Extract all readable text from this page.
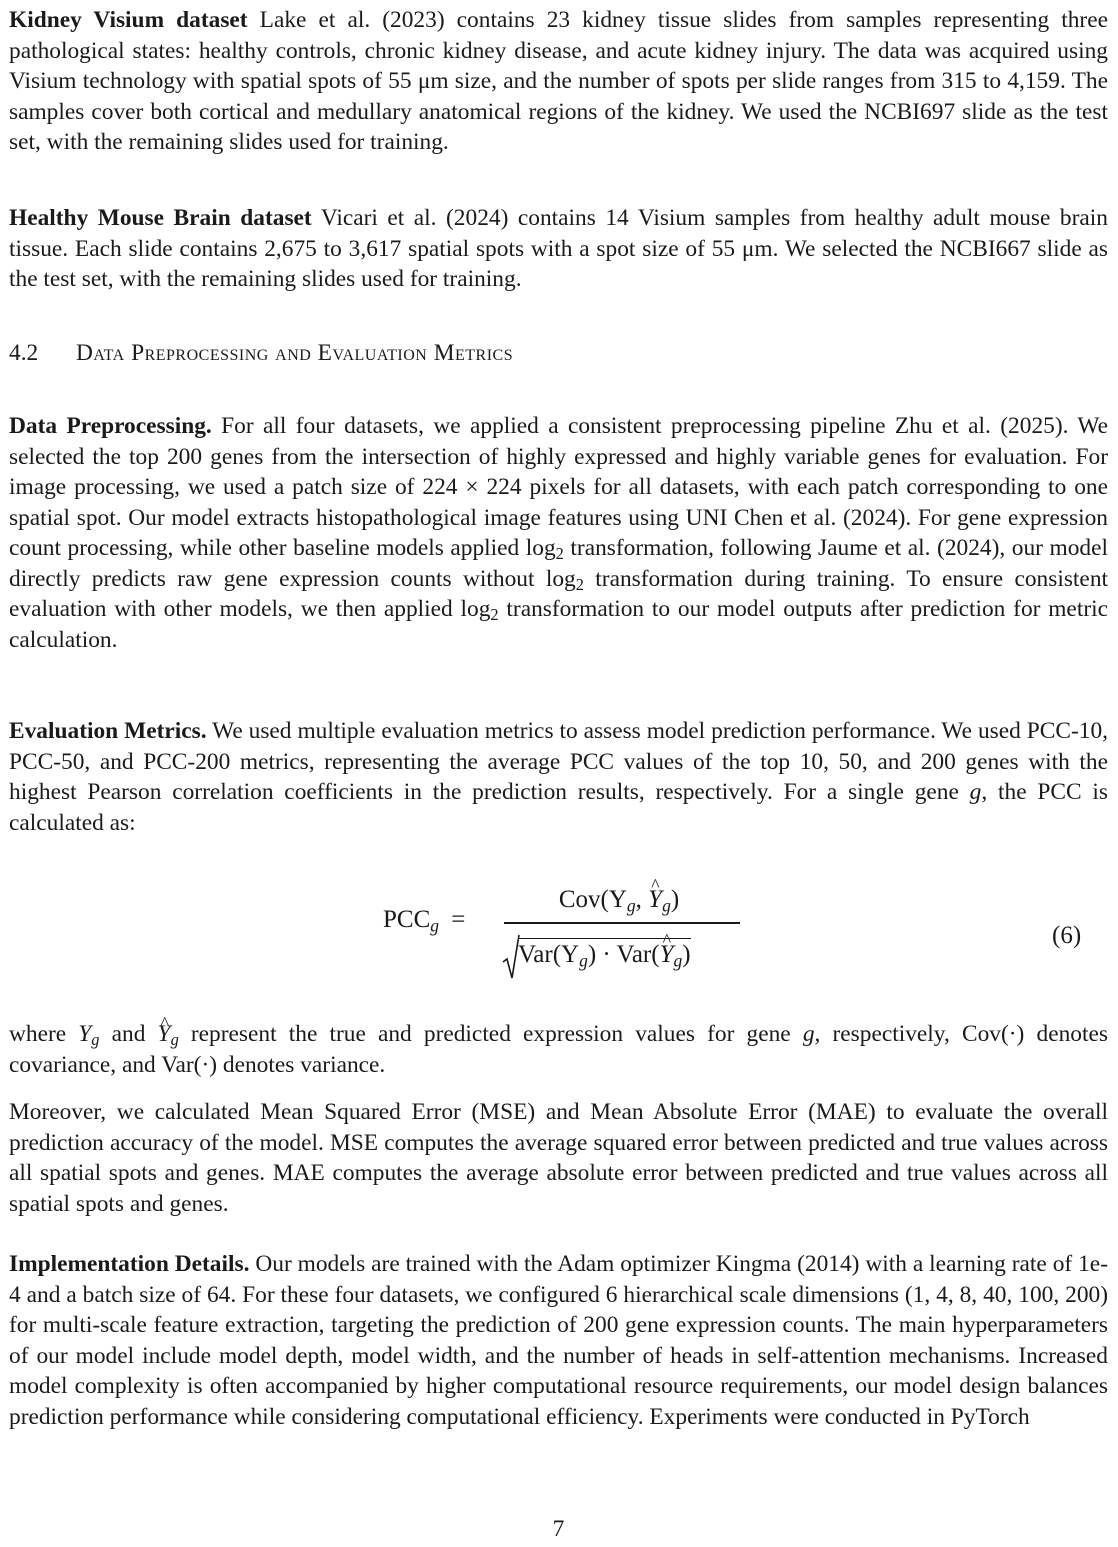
Kidney Visium dataset Lake et al. (2023) contains 23 kidney tissue slides from samples representing three pathological states: healthy controls, chronic kidney disease, and acute kidney injury. The data was acquired using Visium technology with spatial spots of 55 μm size, and the number of spots per slide ranges from 315 to 4,159. The samples cover both cortical and medullary anatomical regions of the kidney. We used the NCBI697 slide as the test set, with the remaining slides used for training.

Healthy Mouse Brain dataset Vicari et al. (2024) contains 14 Visium samples from healthy adult mouse brain tissue. Each slide contains 2,675 to 3,617 spatial spots with a spot size of 55 μm. We selected the NCBI667 slide as the test set, with the remaining slides used for training.

4.2 Data Preprocessing and Evaluation Metrics

Data Preprocessing. For all four datasets, we applied a consistent preprocessing pipeline Zhu et al. (2025). We selected the top 200 genes from the intersection of highly expressed and highly variable genes for evaluation. For image processing, we used a patch size of 224 × 224 pixels for all datasets, with each patch corresponding to one spatial spot. Our model extracts histopathological image features using UNI Chen et al. (2024). For gene expression count processing, while other baseline models applied $\log_2$ transformation, following Jaume et al. (2024), our model directly predicts raw gene expression counts without $\log_2$ transformation during training. To ensure consistent evaluation with other models, we then applied $\log_2$ transformation to our model outputs after prediction for metric calculation.

Evaluation Metrics. We used multiple evaluation metrics to assess model prediction performance. We used PCC-10, PCC-50, and PCC-200 metrics, representing the average PCC values of the top 10, 50, and 200 genes with the highest Pearson correlation coefficients in the prediction results, respectively. For a single gene g, the PCC is calculated as:

$PCC_g$ =
$Cov(Y_g$, ^ $Y_g$)
$Var(Y_g)$ · Var(^ $Y_g$)
(6)

where $Y_g$ and ^ $Y_g$ represent the true and predicted expression values for gene g, respectively, Cov(·) denotes covariance, and Var(·) denotes variance.

Moreover, we calculated Mean Squared Error (MSE) and Mean Absolute Error (MAE) to evaluate the overall prediction accuracy of the model. MSE computes the average squared error between predicted and true values across all spatial spots and genes. MAE computes the average absolute error between predicted and true values across all spatial spots and genes.

Implementation Details. Our models are trained with the Adam optimizer Kingma (2014) with a learning rate of 1e-4 and a batch size of 64. For these four datasets, we configured 6 hierarchical scale dimensions (1, 4, 8, 40, 100, 200) for multi-scale feature extraction, targeting the prediction of 200 gene expression counts. The main hyperparameters of our model include model depth, model width, and the number of heads in self-attention mechanisms. Increased model complexity is often accompanied by higher computational resource requirements, our model design balances prediction performance while considering computational efficiency. Experiments were conducted in PyTorch

7
